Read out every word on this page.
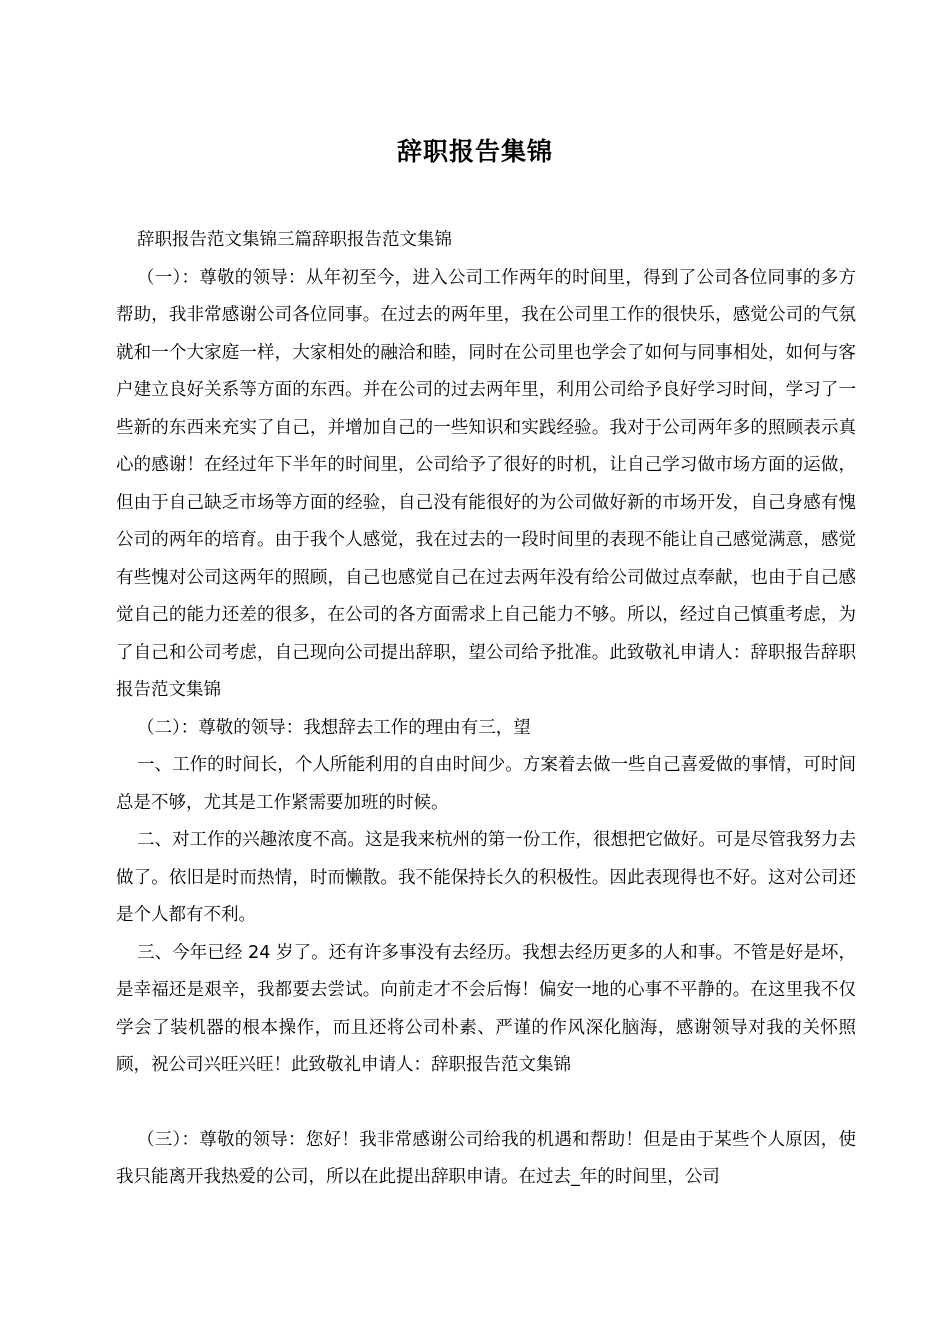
辞职报告集锦

辞职报告范文集锦三篇辞职报告范文集锦

（一）：尊敬的领导：从年初至今，进入公司工作两年的时间里，得到了公司各位同事的多方帮助，我非常感谢公司各位同事。在过去的两年里，我在公司里工作的很快乐，感觉公司的气氛就和一个大家庭一样，大家相处的融洽和睦，同时在公司里也学会了如何与同事相处，如何与客户建立良好关系等方面的东西。并在公司的过去两年里，利用公司给予良好学习时间，学习了一些新的东西来充实了自己，并增加自己的一些知识和实践经验。我对于公司两年多的照顾表示真心的感谢！在经过年下半年的时间里，公司给予了很好的时机，让自己学习做市场方面的运做，但由于自己缺乏市场等方面的经验，自己没有能很好的为公司做好新的市场开发，自己身感有愧公司的两年的培育。由于我个人感觉，我在过去的一段时间里的表现不能让自己感觉满意，感觉有些愧对公司这两年的照顾，自己也感觉自己在过去两年没有给公司做过点奉献，也由于自己感觉自己的能力还差的很多，在公司的各方面需求上自己能力不够。所以，经过自己慎重考虑，为了自己和公司考虑，自己现向公司提出辞职，望公司给予批准。此致敬礼申请人：辞职报告辞职报告范文集锦

（二）：尊敬的领导：我想辞去工作的理由有三，望

一、工作的时间长，个人所能利用的自由时间少。方案着去做一些自己喜爱做的事情，可时间总是不够，尤其是工作紧需要加班的时候。

二、对工作的兴趣浓度不高。这是我来杭州的第一份工作，很想把它做好。可是尽管我努力去做了。依旧是时而热情，时而懒散。我不能保持长久的积极性。因此表现得也不好。这对公司还是个人都有不利。

三、今年已经 24 岁了。还有许多事没有去经历。我想去经历更多的人和事。不管是好是坏，是幸福还是艰辛，我都要去尝试。向前走才不会后悔！偏安一地的心事不平静的。在这里我不仅学会了装机器的根本操作，而且还将公司朴素、严谨的作风深化脑海，感谢领导对我的关怀照顾，祝公司兴旺兴旺！此致敬礼申请人：辞职报告范文集锦

（三）：尊敬的领导：您好！我非常感谢公司给我的机遇和帮助！但是由于某些个人原因，使我只能离开我热爱的公司，所以在此提出辞职申请。在过去_年的时间里，公司
